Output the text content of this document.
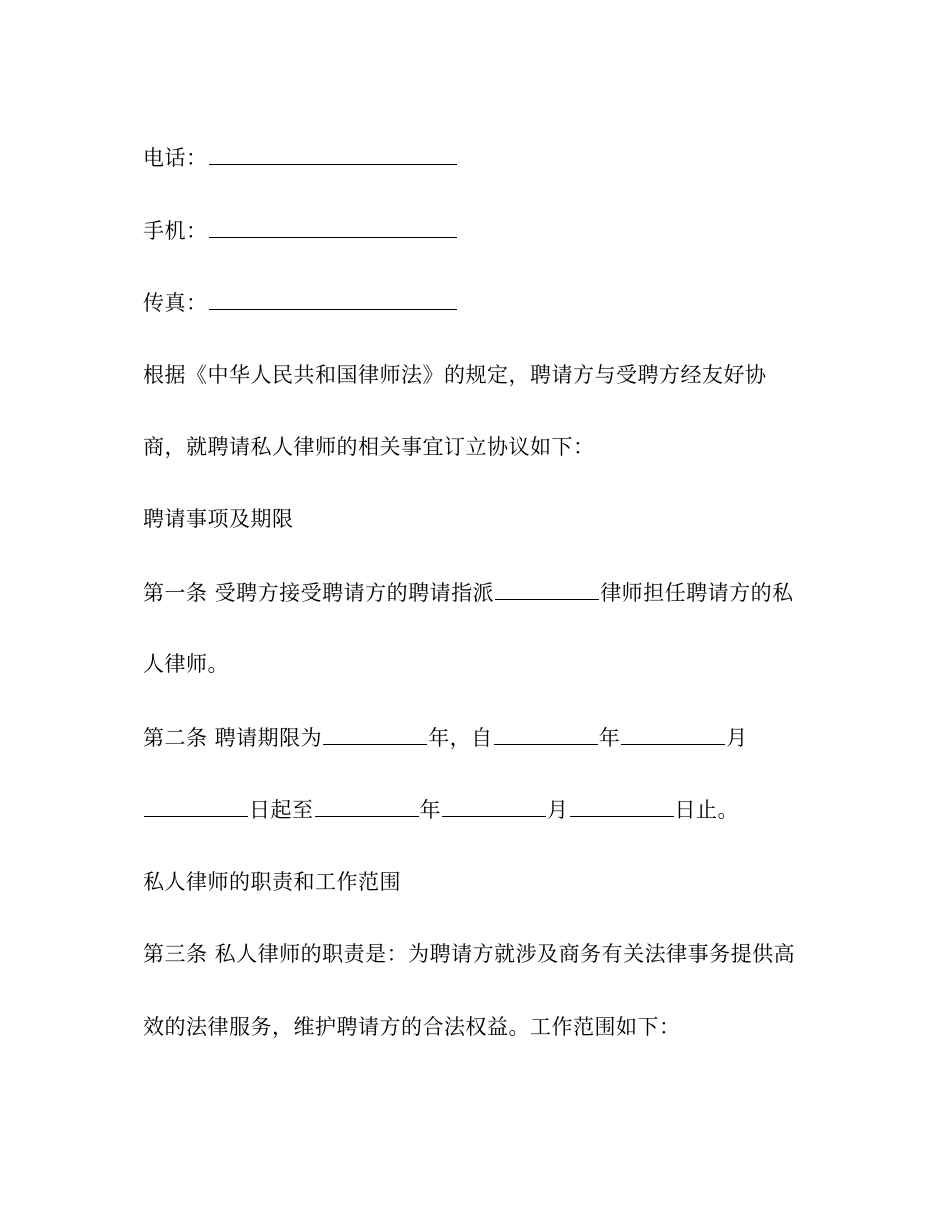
电话：
手机：
传真：
根据《中华人民共和国律师法》的规定，聘请方与受聘方经友好协
商，就聘请私人律师的相关事宜订立协议如下：
聘请事项及期限
第一条 受聘方接受聘请方的聘请指派	律师担任聘请方的私
人律师。
第二条 聘请期限为	年，自	年	月
日起至	年	月	日止。
私人律师的职责和工作范围
第三条 私人律师的职责是：为聘请方就涉及商务有关法律事务提供高
效的法律服务，维护聘请方的合法权益。工作范围如下：
